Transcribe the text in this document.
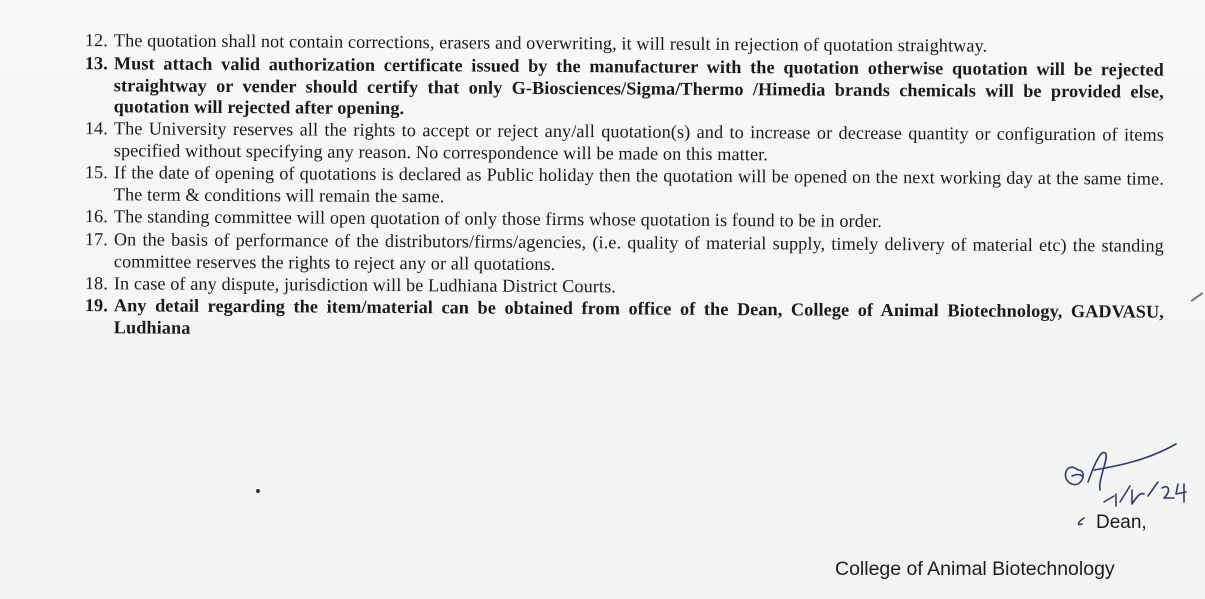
12. The quotation shall not contain corrections, erasers and overwriting, it will result in rejection of quotation straightway.
13. Must attach valid authorization certificate issued by the manufacturer with the quotation otherwise quotation will be rejected straightway or vender should certify that only G-Biosciences/Sigma/Thermo /Himedia brands chemicals will be provided else, quotation will rejected after opening.
14. The University reserves all the rights to accept or reject any/all quotation(s) and to increase or decrease quantity or configuration of items specified without specifying any reason. No correspondence will be made on this matter.
15. If the date of opening of quotations is declared as Public holiday then the quotation will be opened on the next working day at the same time. The term & conditions will remain the same.
16. The standing committee will open quotation of only those firms whose quotation is found to be in order.
17. On the basis of performance of the distributors/firms/agencies, (i.e. quality of material supply, timely delivery of material etc) the standing committee reserves the rights to reject any or all quotations.
18. In case of any dispute, jurisdiction will be Ludhiana District Courts.
19. Any detail regarding the item/material can be obtained from office of the Dean, College of Animal Biotechnology, GADVASU, Ludhiana
Dean,
College of Animal Biotechnology
